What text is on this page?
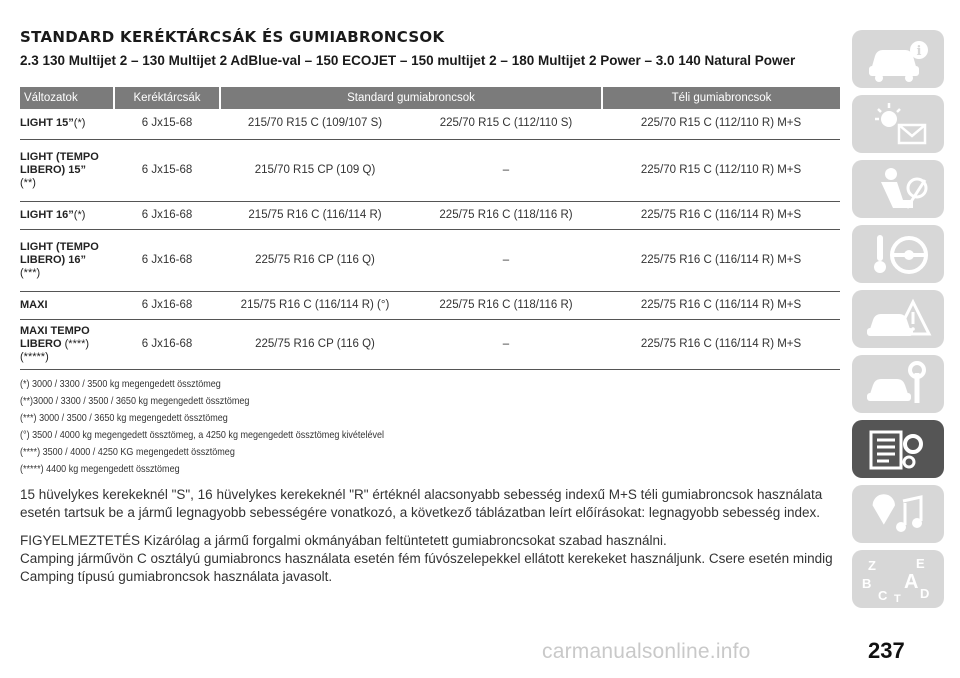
STANDARD KERÉKTÁRCSÁK ÉS GUMIABRONCSOK

2.3 130 Multijet 2 – 130 Multijet 2 AdBlue-val – 150 ECOJET – 150 multijet 2 – 180 Multijet 2 Power – 3.0 140 Natural Power

Változatok	Keréktárcsák	Standard gumiabroncsok		Téli gumiabroncsok
LIGHT 15”(*)	6 Jx15-68	215/70 R15 C (109/107 S)	225/70 R15 C (112/110 S)	225/70 R15 C (112/110 R) M+S
LIGHT (TEMPO LIBERO) 15”
(**)	6 Jx15-68	215/70 R15 CP (109 Q)	–	225/70 R15 C (112/110 R) M+S
LIGHT 16”(*)	6 Jx16-68	215/75 R16 C (116/114 R)	225/75 R16 C (118/116 R)	225/75 R16 C (116/114 R) M+S
LIGHT (TEMPO LIBERO) 16”
(***)	6 Jx16-68	225/75 R16 CP (116 Q)	–	225/75 R16 C (116/114 R) M+S
MAXI	6 Jx16-68	215/75 R16 C (116/114 R) (°)	225/75 R16 C (118/116 R)	225/75 R16 C (116/114 R) M+S
MAXI TEMPO LIBERO (****) (*****)	6 Jx16-68	225/75 R16 CP (116 Q)	–	225/75 R16 C (116/114 R) M+S
(*) 3000 / 3300 / 3500 kg megengedett össztömeg
(**)3000 / 3300 / 3500 / 3650 kg megengedett össztömeg
(***) 3000 / 3500 / 3650 kg megengedett össztömeg
(°) 3500 / 4000 kg megengedett össztömeg, a 4250 kg megengedett össztömeg kivételével
(****) 3500 / 4000 / 4250 KG megengedett össztömeg
(*****) 4400 kg megengedett össztömeg

15 hüvelykes kerekeknél "S", 16 hüvelykes kerekeknél "R" értéknél alacsonyabb sebesség indexű M+S téli gumiabroncsok használata esetén tartsuk be a jármű legnagyobb sebességére vonatkozó, a következő táblázatban leírt előírásokat: legnagyobb sebesség index.

FIGYELMEZTETÉS Kizárólag a jármű forgalmi okmányában feltüntetett gumiabroncsokat szabad használni.

Camping járművön C osztályú gumiabroncs használata esetén fém fúvószelepekkel ellátott kerekeket használjunk. Csere esetén mindig Camping típusú gumiabroncsok használata javasolt.

i
Z	E
B A
C T D
carmanualsonline.info	237
